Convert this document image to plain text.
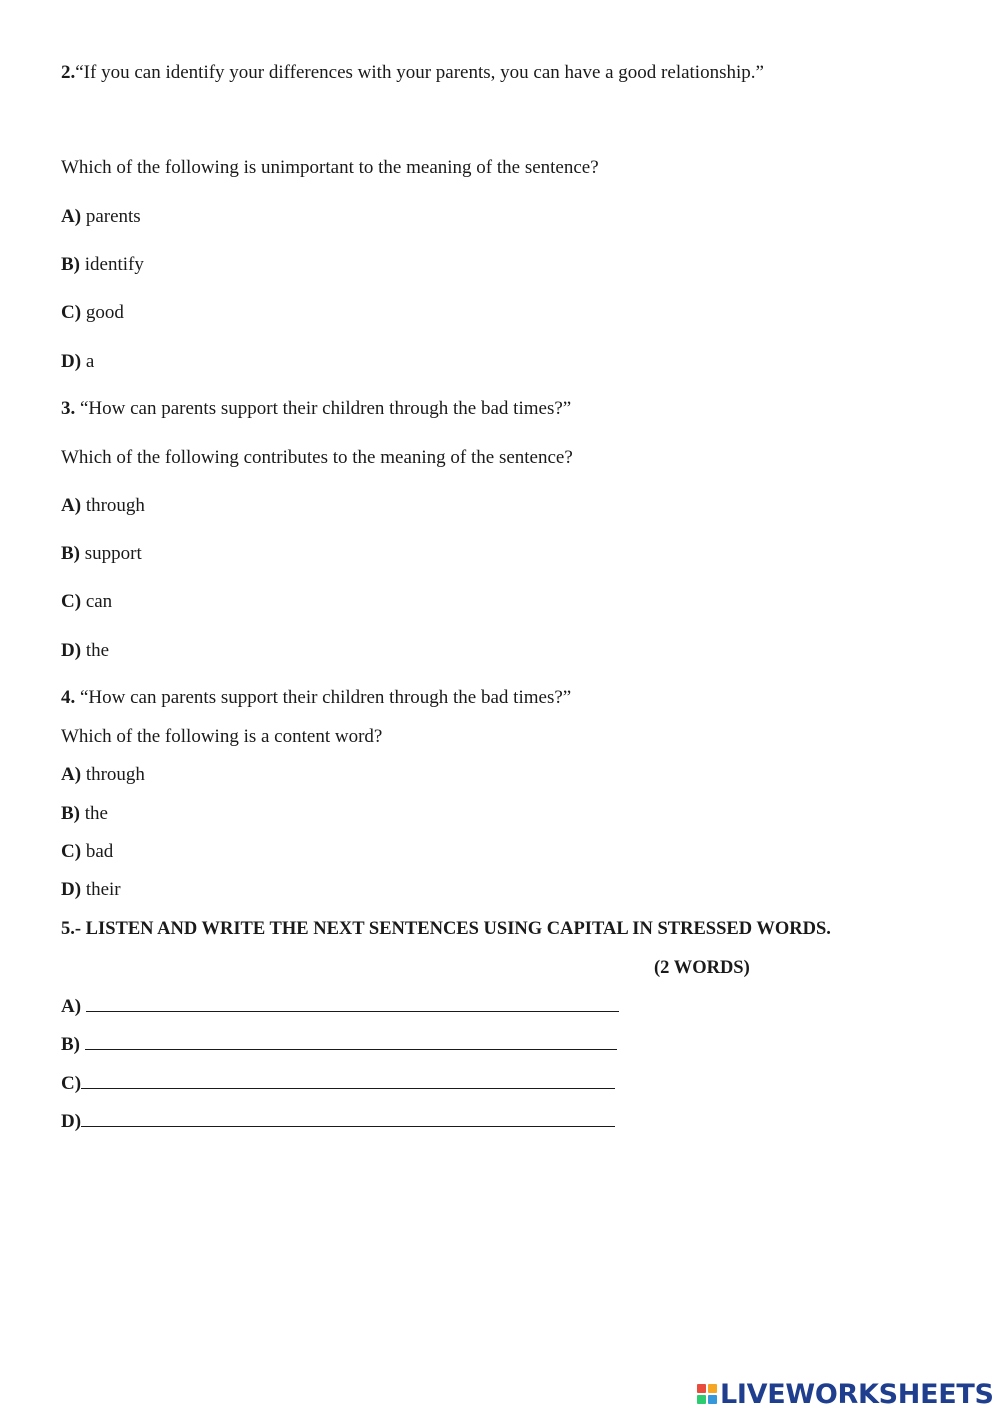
2.“If you can identify your differences with your parents, you can have a good relationship.”
Which of the following is unimportant to the meaning of the sentence?
A) parents
B) identify
C) good
D) a
3. “How can parents support their children through the bad times?”
Which of the following contributes to the meaning of the sentence?
A) through
B) support
C) can
D) the
4. “How can parents support their children through the bad times?”
Which of the following is a content word?
A) through
B) the
C) bad
D) their
5.- LISTEN AND WRITE THE NEXT SENTENCES USING CAPITAL IN STRESSED WORDS.
(2 WORDS)
A)
B)
C)
D)
LIVEWORKSHEETS
